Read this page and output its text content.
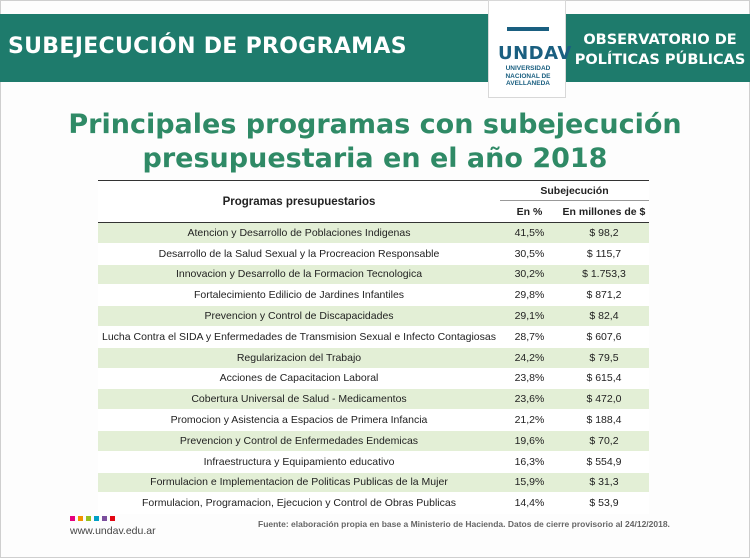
SUBEJECUCIÓN DE PROGRAMAS	OBSERVATORIO DE
POLÍTICAS PÚBLICAS
UNDAV
UNIVERSIDAD
NACIONAL DE
AVELLANEDA
Principales programas con subejecución
presupuestaria en el año 2018
Programas presupuestarios	Subejecución	
	En %	En millones de $
Atencion y Desarrollo de Poblaciones Indigenas	41,5%	$ 98,2
Desarrollo de la Salud Sexual y la Procreacion Responsable	30,5%	$ 115,7
Innovacion y Desarrollo de la Formacion Tecnologica	30,2%	$ 1.753,3
Fortalecimiento Edilicio de Jardines Infantiles	29,8%	$ 871,2
Prevencion y Control de Discapacidades	29,1%	$ 82,4
Lucha Contra el SIDA y Enfermedades de Transmision Sexual e Infecto Contagiosas	28,7%	$ 607,6
Regularizacion del Trabajo	24,2%	$ 79,5
Acciones de Capacitacion Laboral	23,8%	$ 615,4
Cobertura Universal de Salud - Medicamentos	23,6%	$ 472,0
Promocion y Asistencia a Espacios de Primera Infancia	21,2%	$ 188,4
Prevencion y Control de Enfermedades Endemicas	19,6%	$ 70,2
Infraestructura y Equipamiento educativo	16,3%	$ 554,9
Formulacion e Implementacion de Politicas Publicas de la Mujer	15,9%	$ 31,3
Formulacion, Programacion, Ejecucion y Control de Obras Publicas	14,4%	$ 53,9
www.undav.edu.ar
Fuente: elaboración propia en base a Ministerio de Hacienda. Datos de cierre provisorio al 24/12/2018.
